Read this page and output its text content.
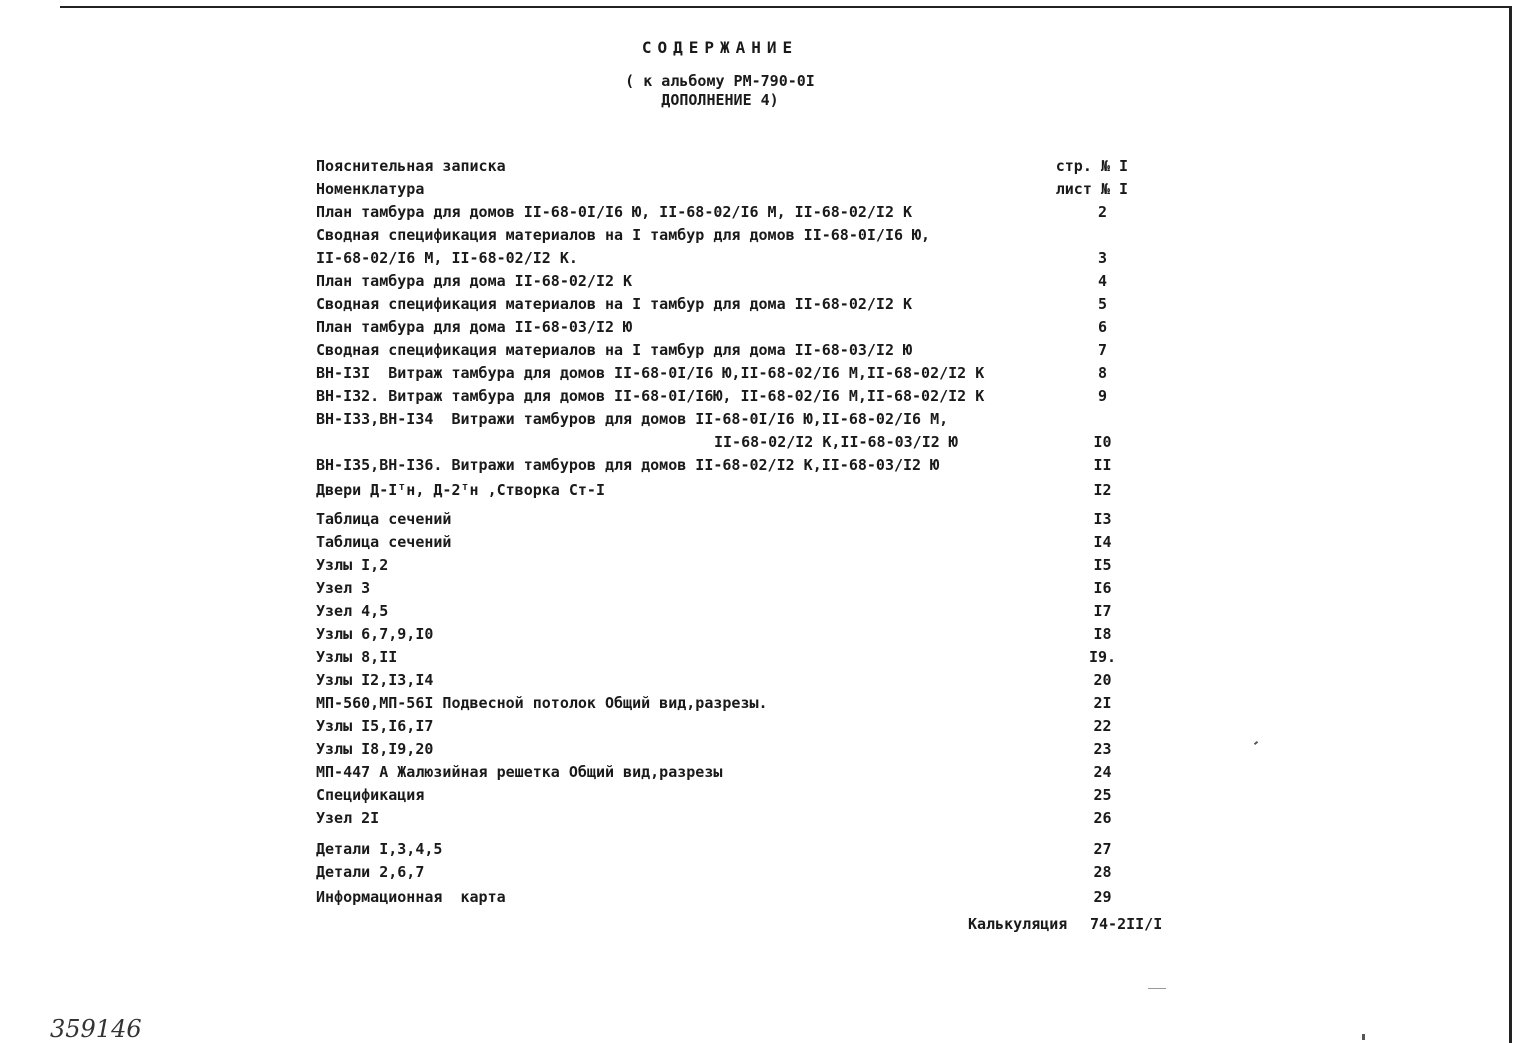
СОДЕРЖАНИЕ
( к альбому РМ-790-0I
ДОПОЛНЕНИЕ 4)
Пояснительная записка	стр. № I
Номенклатура	лист № I
План тамбура для домов II-68-0I/I6 Ю, II-68-02/I6 М, II-68-02/I2 К	2
Сводная спецификация материалов на I тамбур для домов II-68-0I/I6 Ю,
II-68-02/I6 М, II-68-02/I2 К.	3
План тамбура для дома II-68-02/I2 К	4
Сводная спецификация материалов на I тамбур для дома II-68-02/I2 К	5
План тамбура для дома II-68-03/I2 Ю	6
Сводная спецификация материалов на I тамбур для дома II-68-03/I2 Ю	7
ВН-I3I  Витраж тамбура для домов II-68-0I/I6 Ю,II-68-02/I6 М,II-68-02/I2 К	8
ВН-I32. Витраж тамбура для домов II-68-0I/I6Ю, II-68-02/I6 М,II-68-02/I2 К	9
ВН-I33,ВН-I34  Витражи тамбуров для домов II-68-0I/I6 Ю,II-68-02/I6 М,
II-68-02/I2 К,II-68-03/I2 Ю	I0
ВН-I35,ВН-I36. Витражи тамбуров для домов II-68-02/I2 К,II-68-03/I2 Ю	II
Двери Д-Iᵀн, Д-2ᵀн ,Створка Ст-I	I2
Таблица сечений	I3
Таблица сечений	I4
Узлы I,2	I5
Узел 3	I6
Узел 4,5	I7
Узлы 6,7,9,I0	I8
Узлы 8,II	I9.
Узлы I2,I3,I4	20
МП-560,МП-56I Подвесной потолок Общий вид,разрезы.	2I
Узлы I5,I6,I7	22
Узлы I8,I9,20	23
МП-447 А Жалюзийная решетка Общий вид,разрезы	24
Спецификация	25
Узел 2I	26
Детали I,3,4,5	27
Детали 2,6,7	28
Информационная  карта	29
Калькуляция 74-2II/I
359146
